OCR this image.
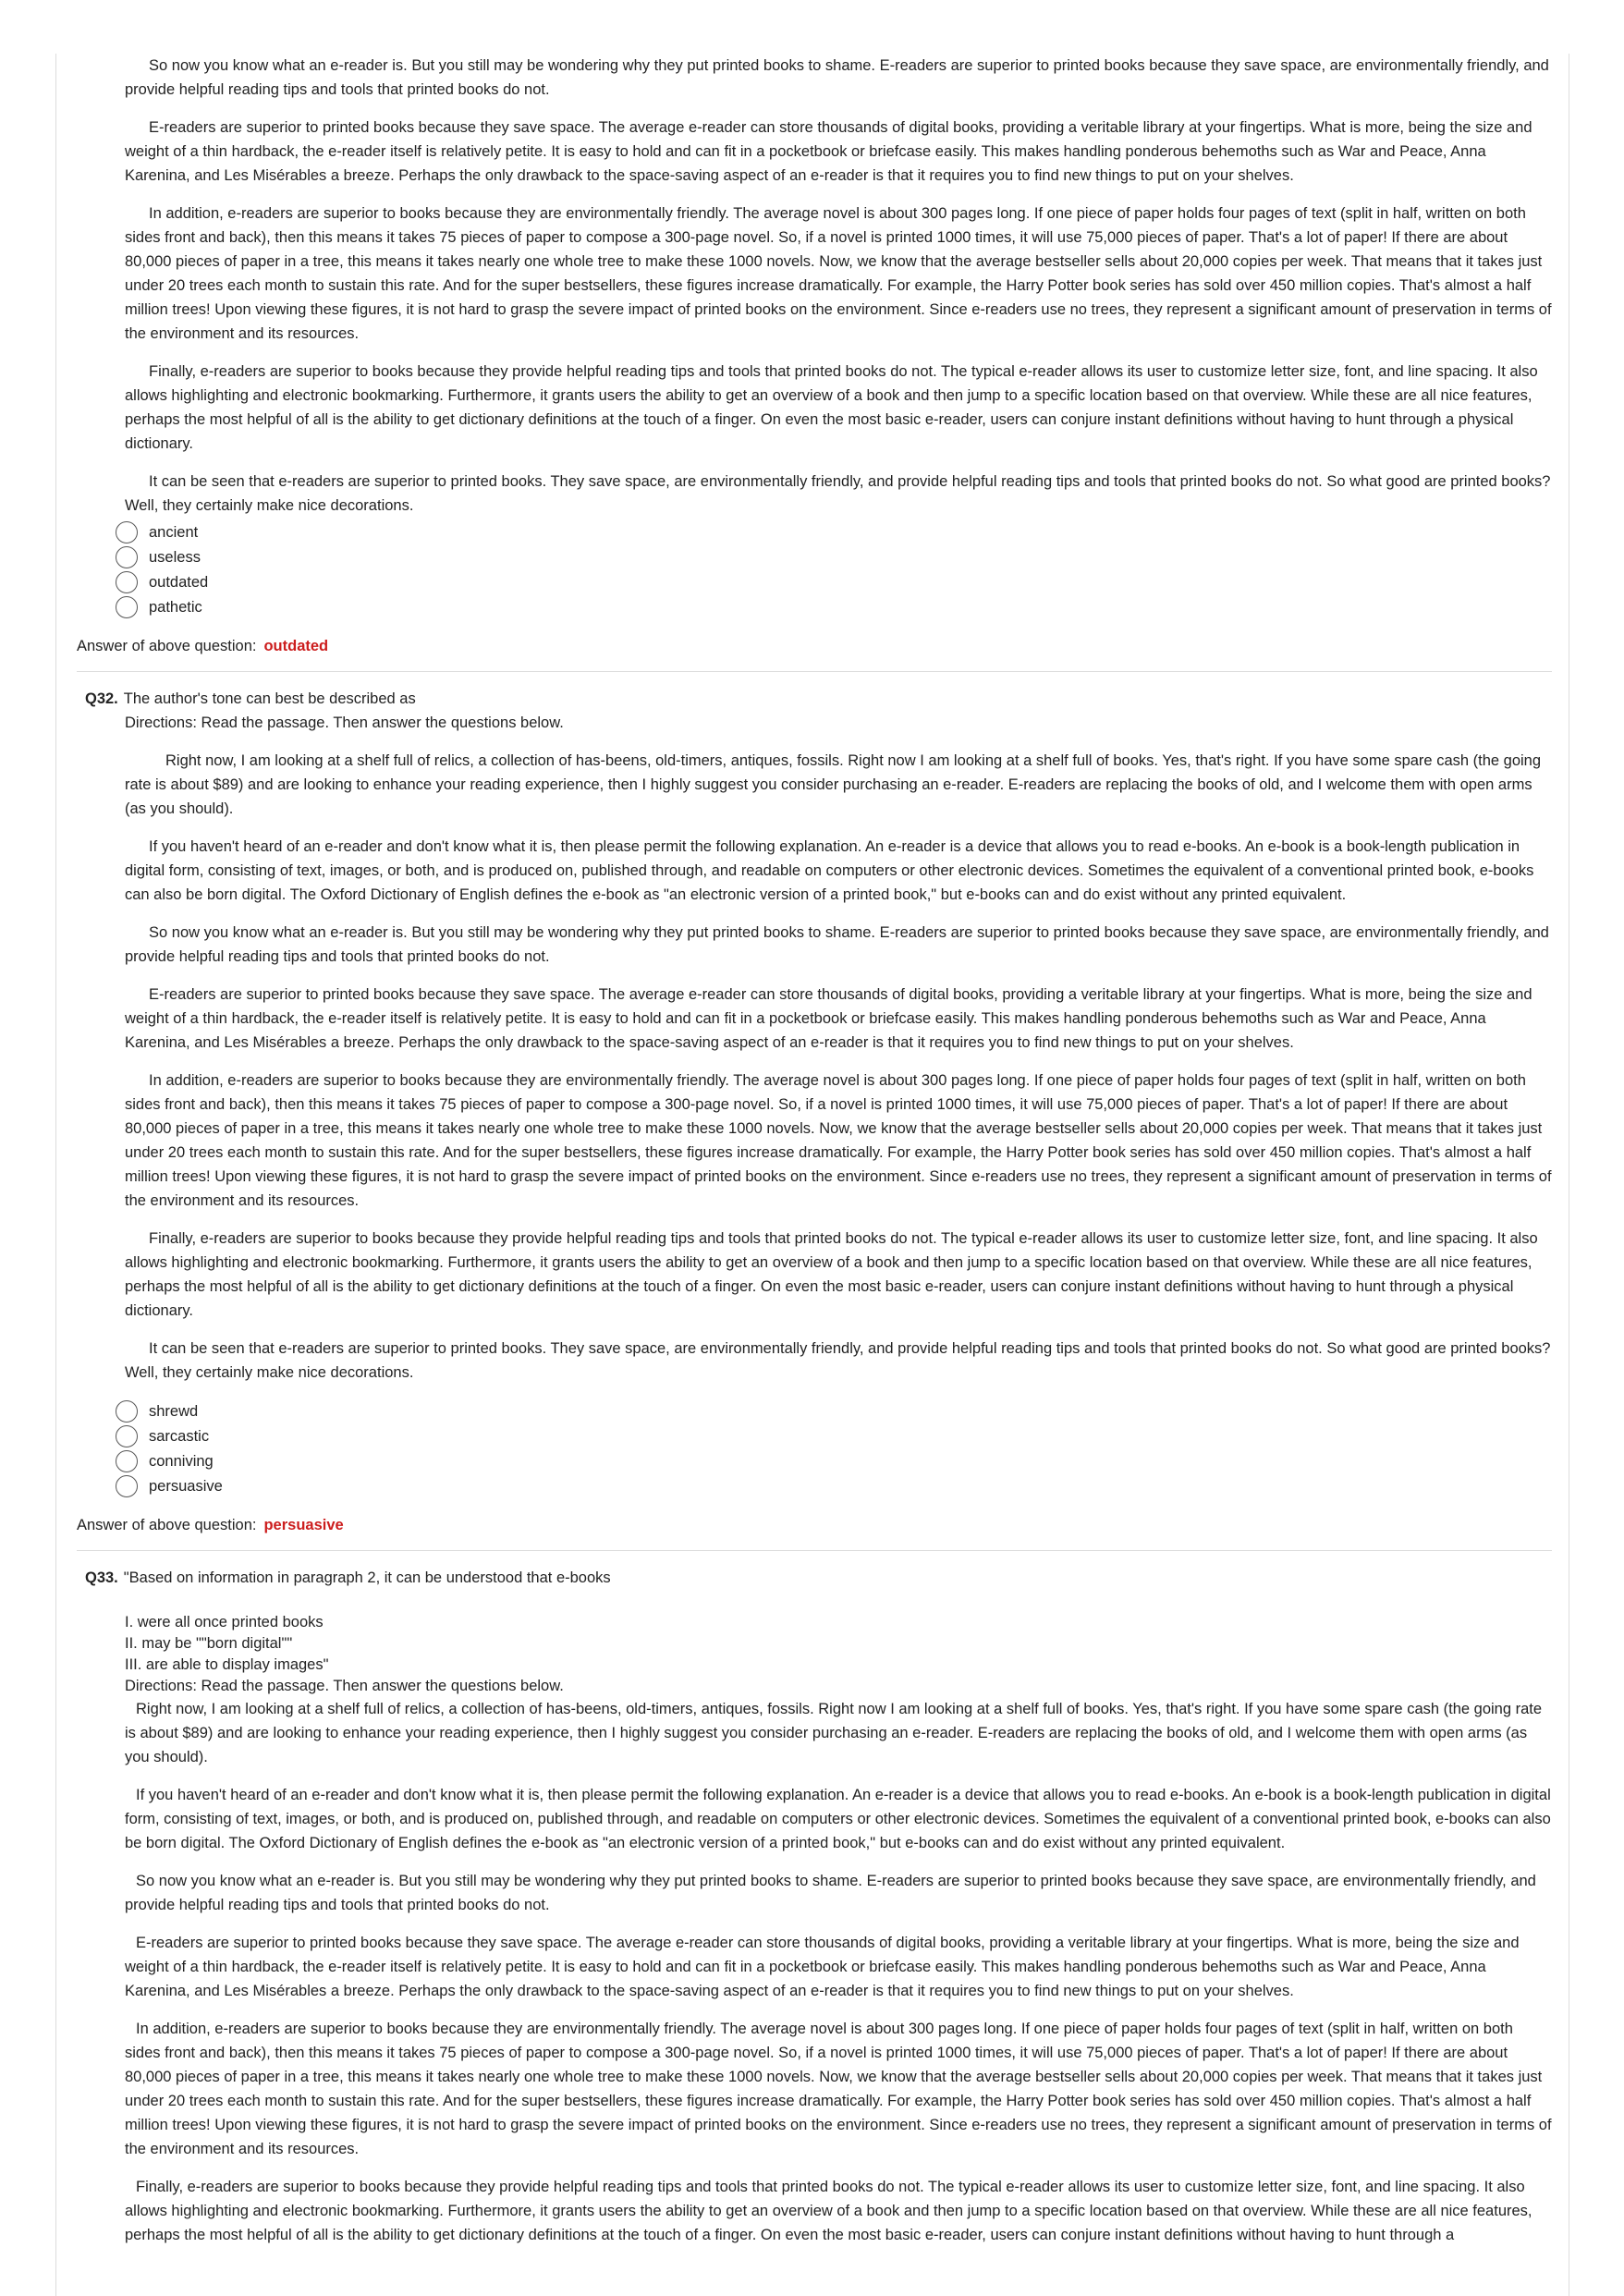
So now you know what an e-reader is. But you still may be wondering why they put printed books to shame. E-readers are superior to printed books because they save space, are environmentally friendly, and provide helpful reading tips and tools that printed books do not.

E-readers are superior to printed books because they save space. The average e-reader can store thousands of digital books, providing a veritable library at your fingertips. What is more, being the size and weight of a thin hardback, the e-reader itself is relatively petite. It is easy to hold and can fit in a pocketbook or briefcase easily. This makes handling ponderous behemoths such as War and Peace, Anna Karenina, and Les Misérables a breeze. Perhaps the only drawback to the space-saving aspect of an e-reader is that it requires you to find new things to put on your shelves.

In addition, e-readers are superior to books because they are environmentally friendly. The average novel is about 300 pages long. If one piece of paper holds four pages of text (split in half, written on both sides front and back), then this means it takes 75 pieces of paper to compose a 300-page novel. So, if a novel is printed 1000 times, it will use 75,000 pieces of paper. That's a lot of paper! If there are about 80,000 pieces of paper in a tree, this means it takes nearly one whole tree to make these 1000 novels. Now, we know that the average bestseller sells about 20,000 copies per week. That means that it takes just under 20 trees each month to sustain this rate. And for the super bestsellers, these figures increase dramatically. For example, the Harry Potter book series has sold over 450 million copies. That's almost a half million trees! Upon viewing these figures, it is not hard to grasp the severe impact of printed books on the environment. Since e-readers use no trees, they represent a significant amount of preservation in terms of the environment and its resources.

Finally, e-readers are superior to books because they provide helpful reading tips and tools that printed books do not. The typical e-reader allows its user to customize letter size, font, and line spacing. It also allows highlighting and electronic bookmarking. Furthermore, it grants users the ability to get an overview of a book and then jump to a specific location based on that overview. While these are all nice features, perhaps the most helpful of all is the ability to get dictionary definitions at the touch of a finger. On even the most basic e-reader, users can conjure instant definitions without having to hunt through a physical dictionary.

It can be seen that e-readers are superior to printed books. They save space, are environmentally friendly, and provide helpful reading tips and tools that printed books do not. So what good are printed books? Well, they certainly make nice decorations.

ancient
useless
outdated
pathetic
Answer of above question: outdated
Q32. The author's tone can best be described as

Directions: Read the passage. Then answer the questions below.

Right now, I am looking at a shelf full of relics, a collection of has-beens, old-timers, antiques, fossils. Right now I am looking at a shelf full of books. Yes, that's right. If you have some spare cash (the going rate is about $89) and are looking to enhance your reading experience, then I highly suggest you consider purchasing an e-reader. E-readers are replacing the books of old, and I welcome them with open arms (as you should).

If you haven't heard of an e-reader and don't know what it is, then please permit the following explanation. An e-reader is a device that allows you to read e-books. An e-book is a book-length publication in digital form, consisting of text, images, or both, and is produced on, published through, and readable on computers or other electronic devices. Sometimes the equivalent of a conventional printed book, e-books can also be born digital. The Oxford Dictionary of English defines the e-book as "an electronic version of a printed book," but e-books can and do exist without any printed equivalent.

So now you know what an e-reader is. But you still may be wondering why they put printed books to shame. E-readers are superior to printed books because they save space, are environmentally friendly, and provide helpful reading tips and tools that printed books do not.

E-readers are superior to printed books because they save space. The average e-reader can store thousands of digital books, providing a veritable library at your fingertips. What is more, being the size and weight of a thin hardback, the e-reader itself is relatively petite. It is easy to hold and can fit in a pocketbook or briefcase easily. This makes handling ponderous behemoths such as War and Peace, Anna Karenina, and Les Misérables a breeze. Perhaps the only drawback to the space-saving aspect of an e-reader is that it requires you to find new things to put on your shelves.

In addition, e-readers are superior to books because they are environmentally friendly. The average novel is about 300 pages long. If one piece of paper holds four pages of text (split in half, written on both sides front and back), then this means it takes 75 pieces of paper to compose a 300-page novel. So, if a novel is printed 1000 times, it will use 75,000 pieces of paper. That's a lot of paper! If there are about 80,000 pieces of paper in a tree, this means it takes nearly one whole tree to make these 1000 novels. Now, we know that the average bestseller sells about 20,000 copies per week. That means that it takes just under 20 trees each month to sustain this rate. And for the super bestsellers, these figures increase dramatically. For example, the Harry Potter book series has sold over 450 million copies. That's almost a half million trees! Upon viewing these figures, it is not hard to grasp the severe impact of printed books on the environment. Since e-readers use no trees, they represent a significant amount of preservation in terms of the environment and its resources.

Finally, e-readers are superior to books because they provide helpful reading tips and tools that printed books do not. The typical e-reader allows its user to customize letter size, font, and line spacing. It also allows highlighting and electronic bookmarking. Furthermore, it grants users the ability to get an overview of a book and then jump to a specific location based on that overview. While these are all nice features, perhaps the most helpful of all is the ability to get dictionary definitions at the touch of a finger. On even the most basic e-reader, users can conjure instant definitions without having to hunt through a physical dictionary.

It can be seen that e-readers are superior to printed books. They save space, are environmentally friendly, and provide helpful reading tips and tools that printed books do not. So what good are printed books? Well, they certainly make nice decorations.

shrewd
sarcastic
conniving
persuasive
Answer of above question: persuasive
Q33. "Based on information in paragraph 2, it can be understood that e-books

I. were all once printed books

II. may be ""born digital""

III. are able to display images"

Directions: Read the passage. Then answer the questions below.

Right now, I am looking at a shelf full of relics, a collection of has-beens, old-timers, antiques, fossils. Right now I am looking at a shelf full of books. Yes, that's right. If you have some spare cash (the going rate is about $89) and are looking to enhance your reading experience, then I highly suggest you consider purchasing an e-reader. E-readers are replacing the books of old, and I welcome them with open arms (as you should).

If you haven't heard of an e-reader and don't know what it is, then please permit the following explanation. An e-reader is a device that allows you to read e-books. An e-book is a book-length publication in digital form, consisting of text, images, or both, and is produced on, published through, and readable on computers or other electronic devices. Sometimes the equivalent of a conventional printed book, e-books can also be born digital. The Oxford Dictionary of English defines the e-book as "an electronic version of a printed book," but e-books can and do exist without any printed equivalent.

So now you know what an e-reader is. But you still may be wondering why they put printed books to shame. E-readers are superior to printed books because they save space, are environmentally friendly, and provide helpful reading tips and tools that printed books do not.

E-readers are superior to printed books because they save space. The average e-reader can store thousands of digital books, providing a veritable library at your fingertips. What is more, being the size and weight of a thin hardback, the e-reader itself is relatively petite. It is easy to hold and can fit in a pocketbook or briefcase easily. This makes handling ponderous behemoths such as War and Peace, Anna Karenina, and Les Misérables a breeze. Perhaps the only drawback to the space-saving aspect of an e-reader is that it requires you to find new things to put on your shelves.

In addition, e-readers are superior to books because they are environmentally friendly. The average novel is about 300 pages long. If one piece of paper holds four pages of text (split in half, written on both sides front and back), then this means it takes 75 pieces of paper to compose a 300-page novel. So, if a novel is printed 1000 times, it will use 75,000 pieces of paper. That's a lot of paper! If there are about 80,000 pieces of paper in a tree, this means it takes nearly one whole tree to make these 1000 novels. Now, we know that the average bestseller sells about 20,000 copies per week. That means that it takes just under 20 trees each month to sustain this rate. And for the super bestsellers, these figures increase dramatically. For example, the Harry Potter book series has sold over 450 million copies. That's almost a half million trees! Upon viewing these figures, it is not hard to grasp the severe impact of printed books on the environment. Since e-readers use no trees, they represent a significant amount of preservation in terms of the environment and its resources.

Finally, e-readers are superior to books because they provide helpful reading tips and tools that printed books do not. The typical e-reader allows its user to customize letter size, font, and line spacing. It also allows highlighting and electronic bookmarking. Furthermore, it grants users the ability to get an overview of a book and then jump to a specific location based on that overview. While these are all nice features, perhaps the most helpful of all is the ability to get dictionary definitions at the touch of a finger. On even the most basic e-reader, users can conjure instant definitions without having to hunt through a
